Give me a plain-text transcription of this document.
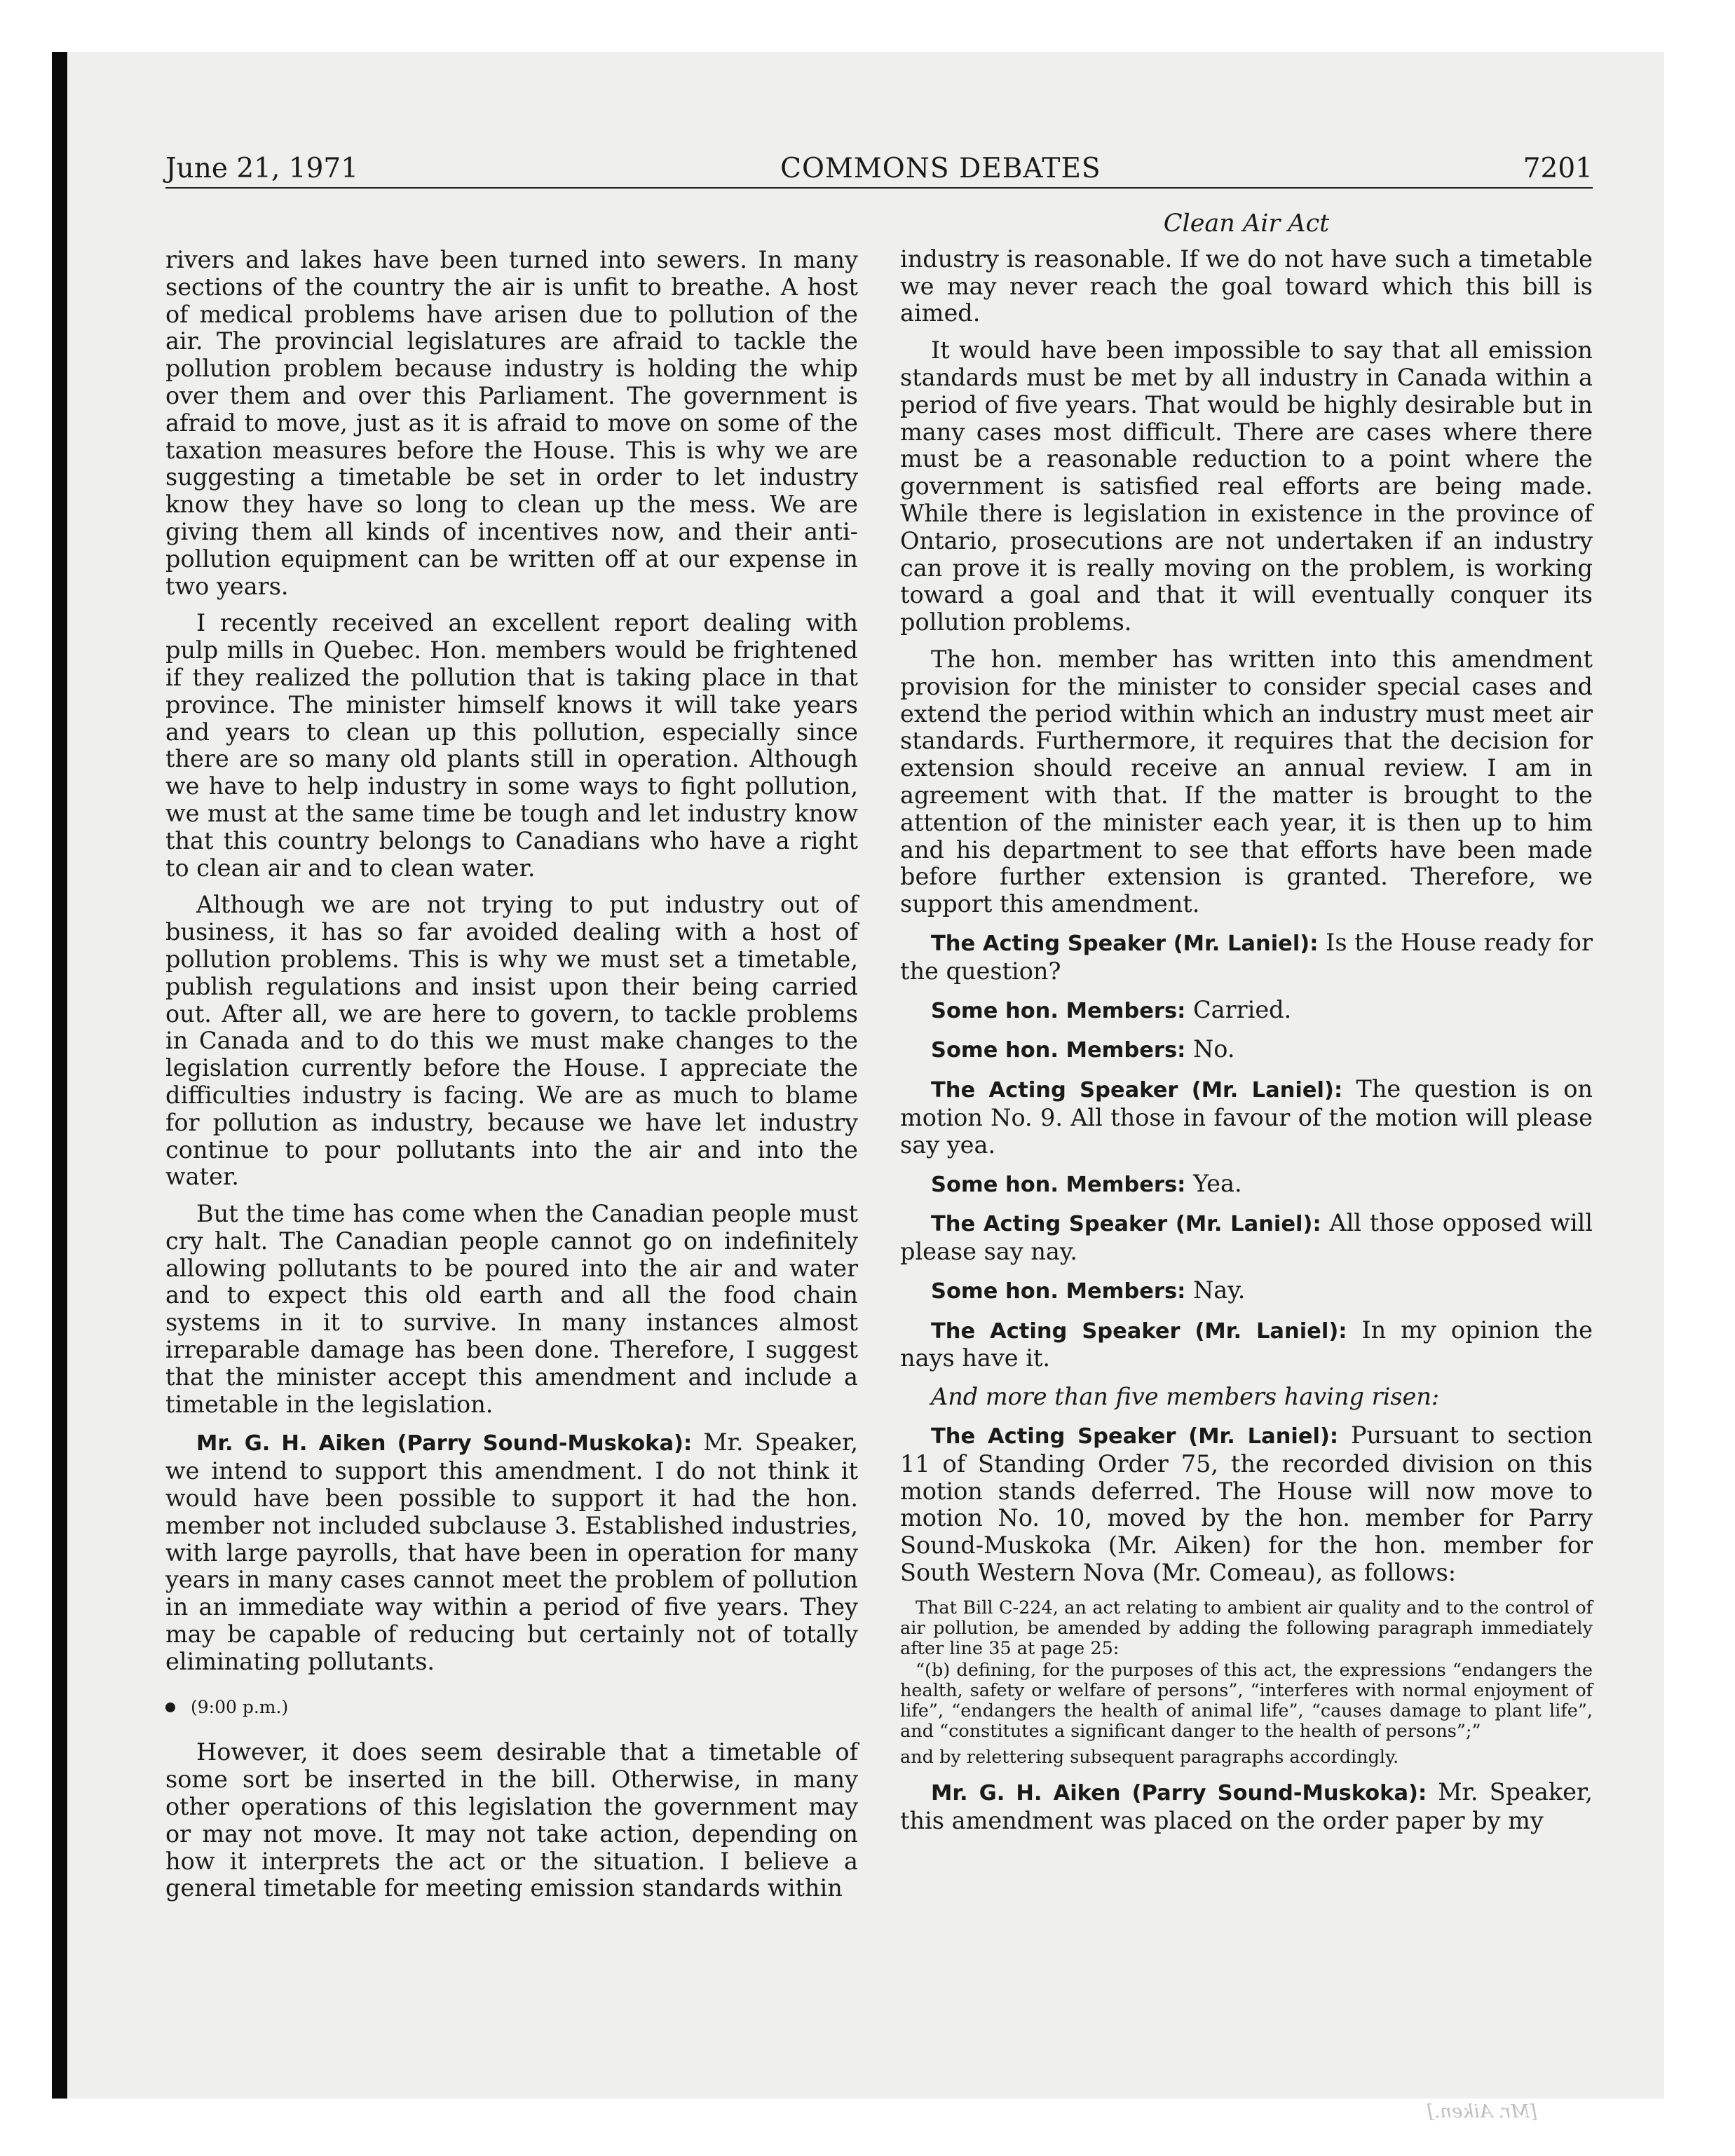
June 21, 1971	COMMONS DEBATES	7201

rivers and lakes have been turned into sewers. In many sections of the country the air is unfit to breathe. A host of medical problems have arisen due to pollution of the air. The provincial legislatures are afraid to tackle the pollution problem because industry is holding the whip over them and over this Parliament. The government is afraid to move, just as it is afraid to move on some of the taxation measures before the House. This is why we are suggesting a timetable be set in order to let industry know they have so long to clean up the mess. We are giving them all kinds of incentives now, and their anti-pollution equipment can be written off at our expense in two years.

I recently received an excellent report dealing with pulp mills in Quebec. Hon. members would be frightened if they realized the pollution that is taking place in that province. The minister himself knows it will take years and years to clean up this pollution, especially since there are so many old plants still in operation. Although we have to help industry in some ways to fight pollution, we must at the same time be tough and let industry know that this country belongs to Canadians who have a right to clean air and to clean water.

Although we are not trying to put industry out of business, it has so far avoided dealing with a host of pollution problems. This is why we must set a timetable, publish regulations and insist upon their being carried out. After all, we are here to govern, to tackle problems in Canada and to do this we must make changes to the legislation currently before the House. I appreciate the difficulties industry is facing. We are as much to blame for pollution as industry, because we have let industry continue to pour pollutants into the air and into the water.

But the time has come when the Canadian people must cry halt. The Canadian people cannot go on indefinitely allowing pollutants to be poured into the air and water and to expect this old earth and all the food chain systems in it to survive. In many instances almost irreparable damage has been done. Therefore, I suggest that the minister accept this amendment and include a timetable in the legislation.

Mr. G. H. Aiken (Parry Sound-Muskoka): Mr. Speaker, we intend to support this amendment. I do not think it would have been possible to support it had the hon. member not included subclause 3. Established industries, with large payrolls, that have been in operation for many years in many cases cannot meet the problem of pollution in an immediate way within a period of five years. They may be capable of reducing but certainly not of totally eliminating pollutants.

(9:00 p.m.)

However, it does seem desirable that a timetable of some sort be inserted in the bill. Otherwise, in many other operations of this legislation the government may or may not move. It may not take action, depending on how it interprets the act or the situation. I believe a general timetable for meeting emission standards within

Clean Air Act

industry is reasonable. If we do not have such a timetable we may never reach the goal toward which this bill is aimed.

It would have been impossible to say that all emission standards must be met by all industry in Canada within a period of five years. That would be highly desirable but in many cases most difficult. There are cases where there must be a reasonable reduction to a point where the government is satisfied real efforts are being made. While there is legislation in existence in the province of Ontario, prosecutions are not undertaken if an industry can prove it is really moving on the problem, is working toward a goal and that it will eventually conquer its pollution problems.

The hon. member has written into this amendment provision for the minister to consider special cases and extend the period within which an industry must meet air standards. Furthermore, it requires that the decision for extension should receive an annual review. I am in agreement with that. If the matter is brought to the attention of the minister each year, it is then up to him and his department to see that efforts have been made before further extension is granted. Therefore, we support this amendment.

The Acting Speaker (Mr. Laniel): Is the House ready for the question?

Some hon. Members: Carried.

Some hon. Members: No.

The Acting Speaker (Mr. Laniel): The question is on motion No. 9. All those in favour of the motion will please say yea.

Some hon. Members: Yea.

The Acting Speaker (Mr. Laniel): All those opposed will please say nay.

Some hon. Members: Nay.

The Acting Speaker (Mr. Laniel): In my opinion the nays have it.

And more than five members having risen:

The Acting Speaker (Mr. Laniel): Pursuant to section 11 of Standing Order 75, the recorded division on this motion stands deferred. The House will now move to motion No. 10, moved by the hon. member for Parry Sound-Muskoka (Mr. Aiken) for the hon. member for South Western Nova (Mr. Comeau), as follows:

That Bill C-224, an act relating to ambient air quality and to the control of air pollution, be amended by adding the following paragraph immediately after line 35 at page 25:

“(b) defining, for the purposes of this act, the expressions “endangers the health, safety or welfare of persons”, “interferes with normal enjoyment of life”, “endangers the health of animal life”, “causes damage to plant life”, and “constitutes a significant danger to the health of persons”;”

and by relettering subsequent paragraphs accordingly.

Mr. G. H. Aiken (Parry Sound-Muskoka): Mr. Speaker, this amendment was placed on the order paper by my

[Mr. Aiken.]
